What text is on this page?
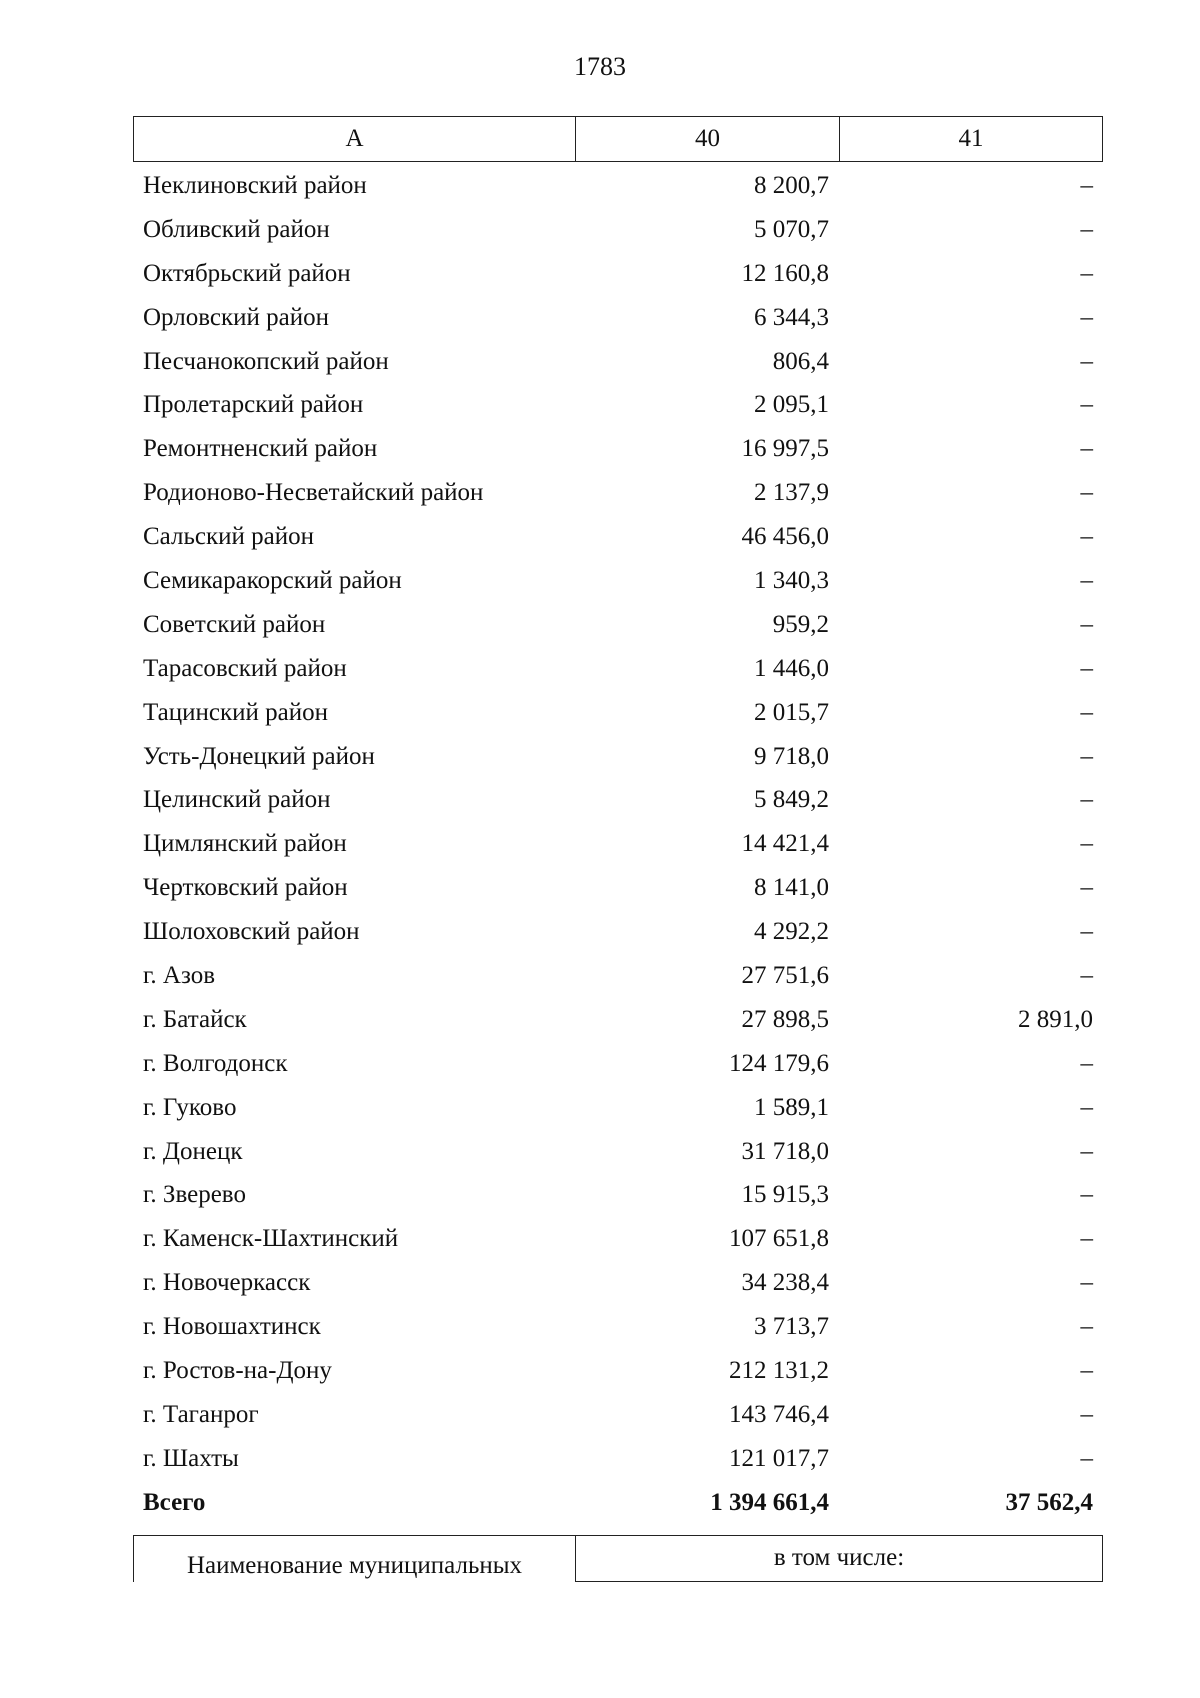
1783
А	40	41
Неклиновский район	8 200,7	–
Обливский район	5 070,7	–
Октябрьский район	12 160,8	–
Орловский район	6 344,3	–
Песчанокопский район	806,4	–
Пролетарский район	2 095,1	–
Ремонтненский район	16 997,5	–
Родионово-Несветайский район	2 137,9	–
Сальский район	46 456,0	–
Семикаракорский район	1 340,3	–
Советский район	959,2	–
Тарасовский район	1 446,0	–
Тацинский район	2 015,7	–
Усть-Донецкий район	9 718,0	–
Целинский район	5 849,2	–
Цимлянский район	14 421,4	–
Чертковский район	8 141,0	–
Шолоховский район	4 292,2	–
г. Азов	27 751,6	–
г. Батайск	27 898,5	2 891,0
г. Волгодонск	124 179,6	–
г. Гуково	1 589,1	–
г. Донецк	31 718,0	–
г. Зверево	15 915,3	–
г. Каменск-Шахтинский	107 651,8	–
г. Новочеркасск	34 238,4	–
г. Новошахтинск	3 713,7	–
г. Ростов-на-Дону	212 131,2	–
г. Таганрог	143 746,4	–
г. Шахты	121 017,7	–
Всего	1 394 661,4	37 562,4
Наименование муниципальных	в том числе:
